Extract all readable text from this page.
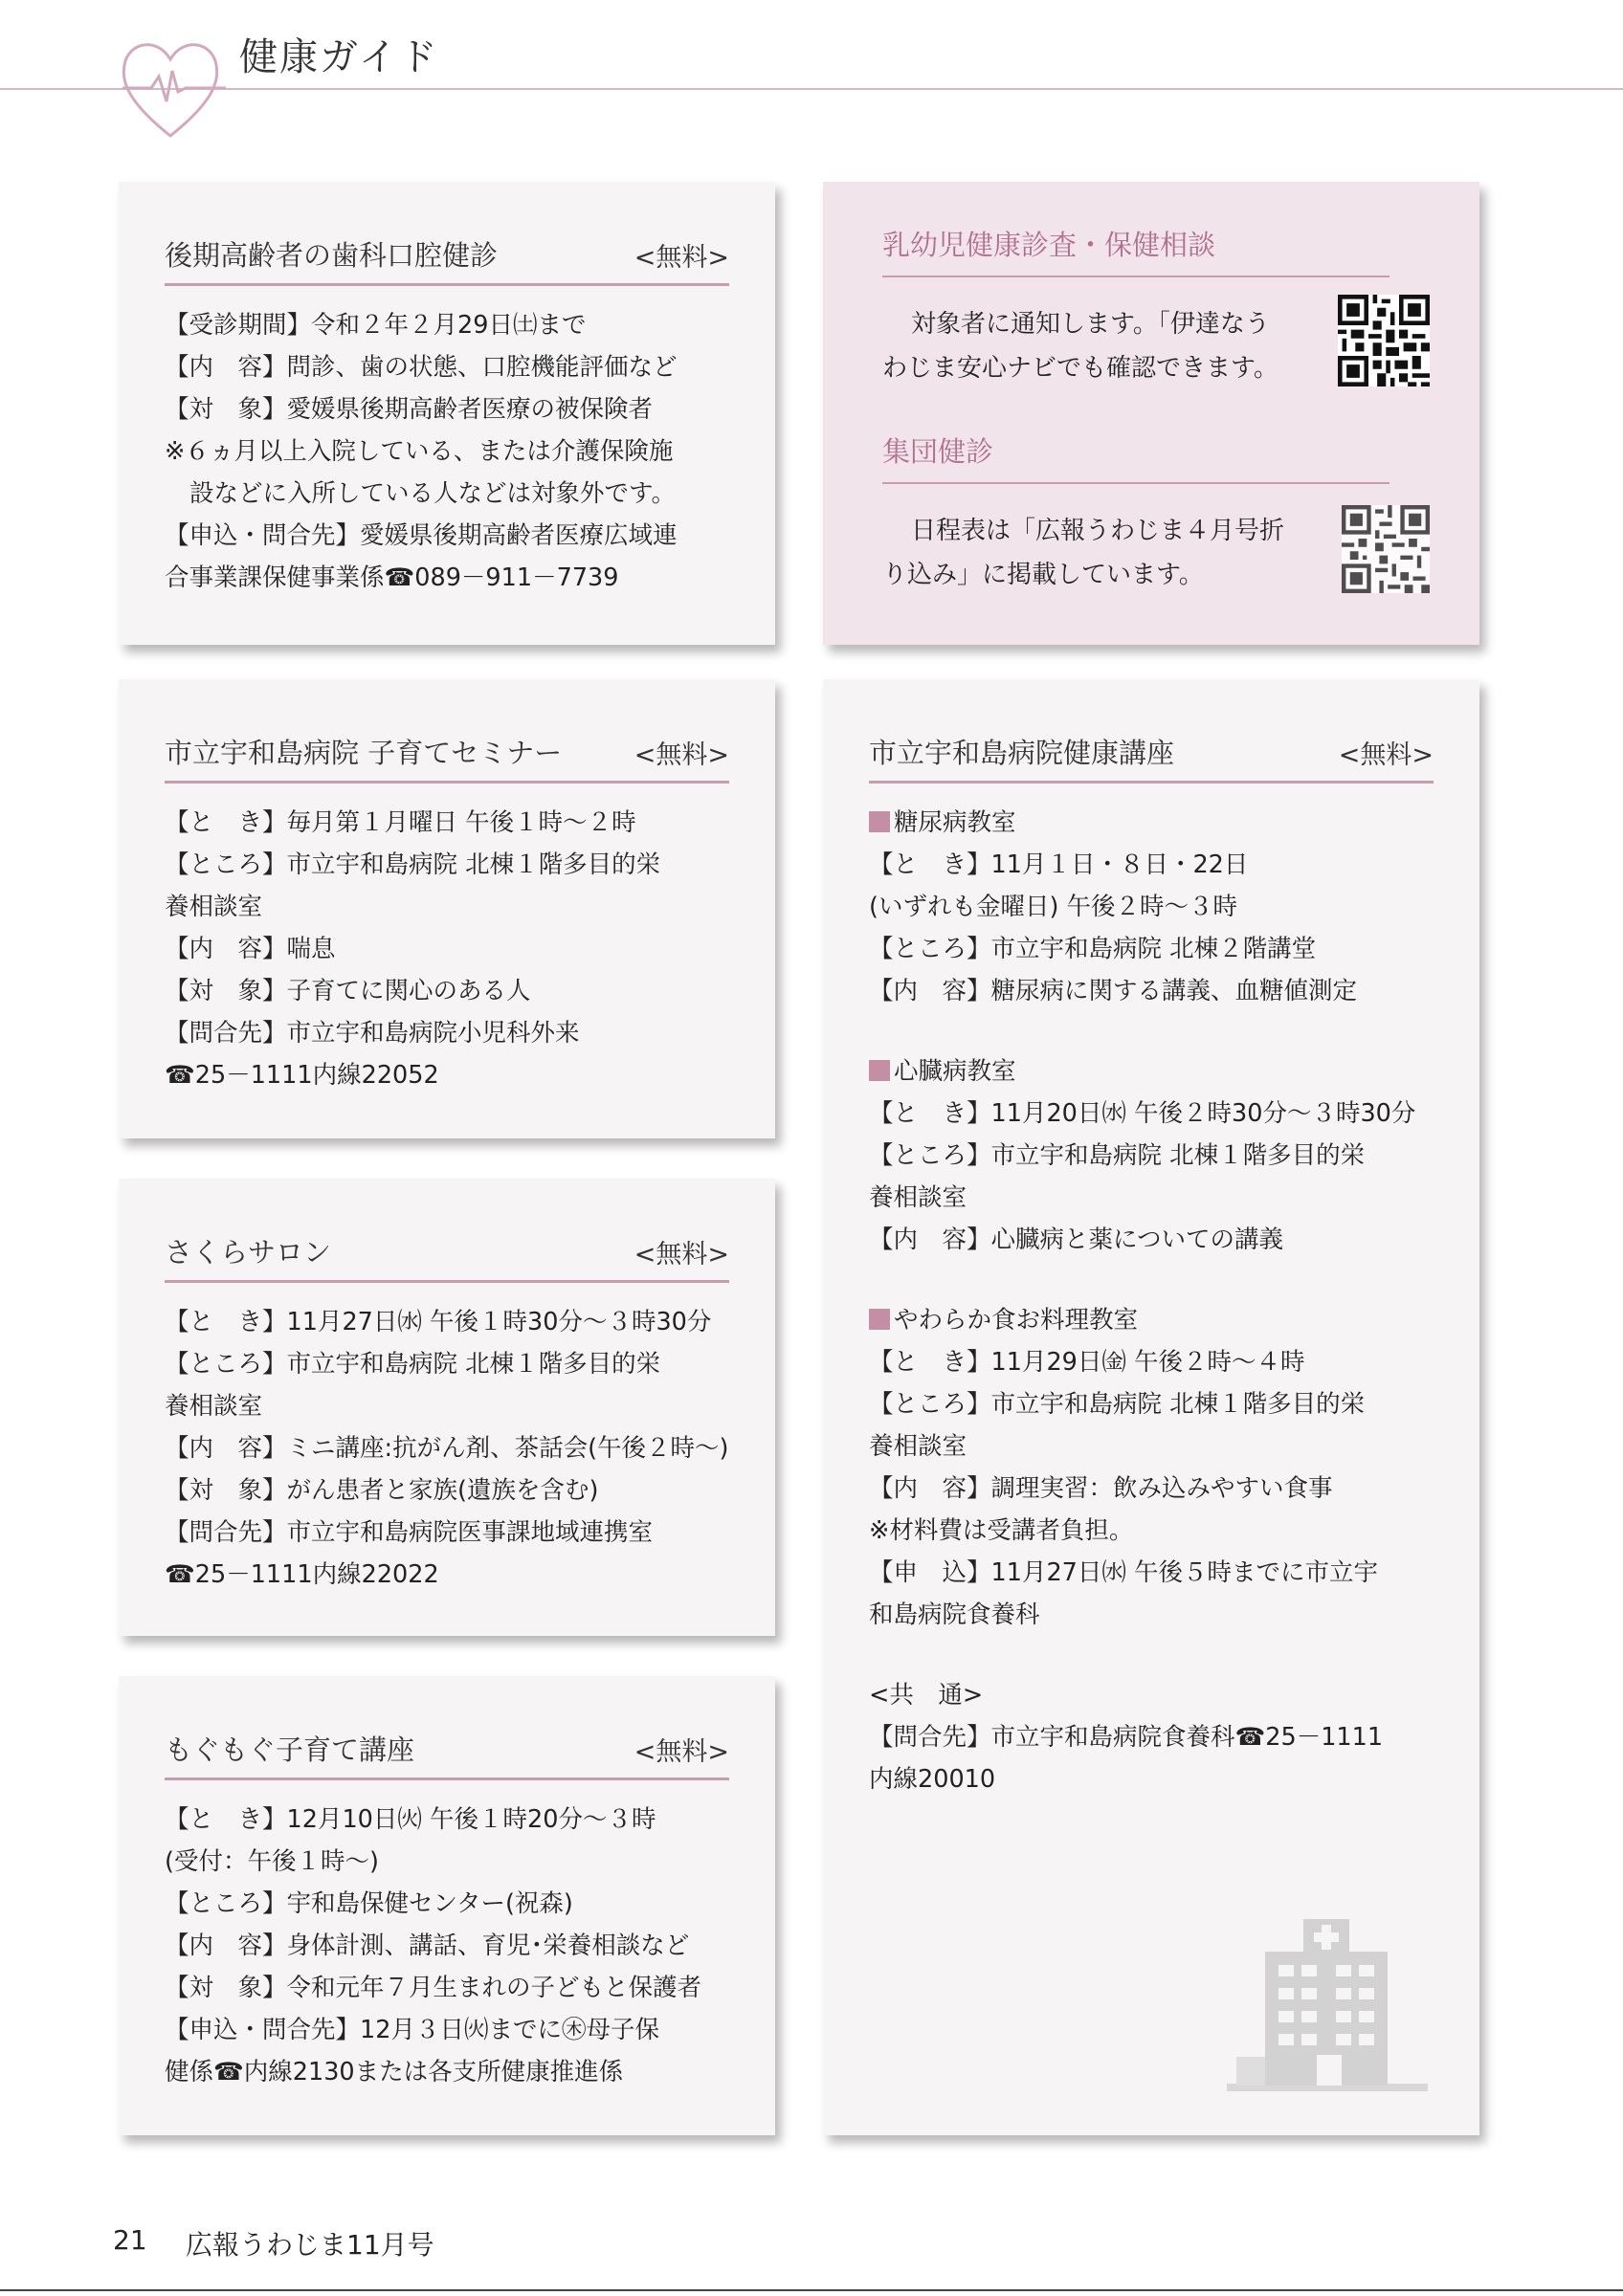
健康ガイド
後期高齢者の歯科口腔健診	<無料>

【受診期間】令和２年２月29日㈯まで

【内　容】問診、歯の状態、口腔機能評価など

【対　象】愛媛県後期高齢者医療の被保険者

※６ヵ月以上入院している、または介護保険施

設などに入所している人などは対象外です。

【申込・問合先】愛媛県後期高齢者医療広域連

合事業課保健事業係☎089－911－7739

乳幼児健康診査・保健相談

対象者に通知します。「伊達なう

わじま安心ナビでも確認できます。

集団健診

日程表は「広報うわじま４月号折

り込み」に掲載しています。

市立宇和島病院 子育てセミナー	<無料>

【と　き】毎月第１月曜日 午後１時～２時

【ところ】市立宇和島病院 北棟１階多目的栄

養相談室

【内　容】喘息

【対　象】子育てに関心のある人

【問合先】市立宇和島病院小児科外来

☎25－1111内線22052

市立宇和島病院健康講座	<無料>

糖尿病教室

【と　き】11月１日・８日・22日

(いずれも金曜日) 午後２時～３時

【ところ】市立宇和島病院 北棟２階講堂

【内　容】糖尿病に関する講義、血糖値測定

心臓病教室

【と　き】11月20日㈬ 午後２時30分～３時30分

【ところ】市立宇和島病院 北棟１階多目的栄

養相談室

【内　容】心臓病と薬についての講義

やわらか食お料理教室

【と　き】11月29日㈮ 午後２時～４時

【ところ】市立宇和島病院 北棟１階多目的栄

養相談室

【内　容】調理実習：飲み込みやすい食事

※材料費は受講者負担。

【申　込】11月27日㈬ 午後５時までに市立宇

和島病院食養科

<共　通>

【問合先】市立宇和島病院食養科☎25－1111

内線20010

さくらサロン	<無料>

【と　き】11月27日㈬ 午後１時30分～３時30分

【ところ】市立宇和島病院 北棟１階多目的栄

養相談室

【内　容】ミニ講座:抗がん剤、茶話会(午後２時～)

【対　象】がん患者と家族(遺族を含む)

【問合先】市立宇和島病院医事課地域連携室

☎25－1111内線22022

もぐもぐ子育て講座	<無料>

【と　き】12月10日㈫ 午後１時20分～３時

(受付：午後１時～)

【ところ】宇和島保健センター(祝森)

【内　容】身体計測、講話、育児･栄養相談など

【対　象】令和元年７月生まれの子どもと保護者

【申込・問合先】12月３日㈫までに㊍母子保

健係☎内線2130または各支所健康推進係

21 広報うわじま11月号
